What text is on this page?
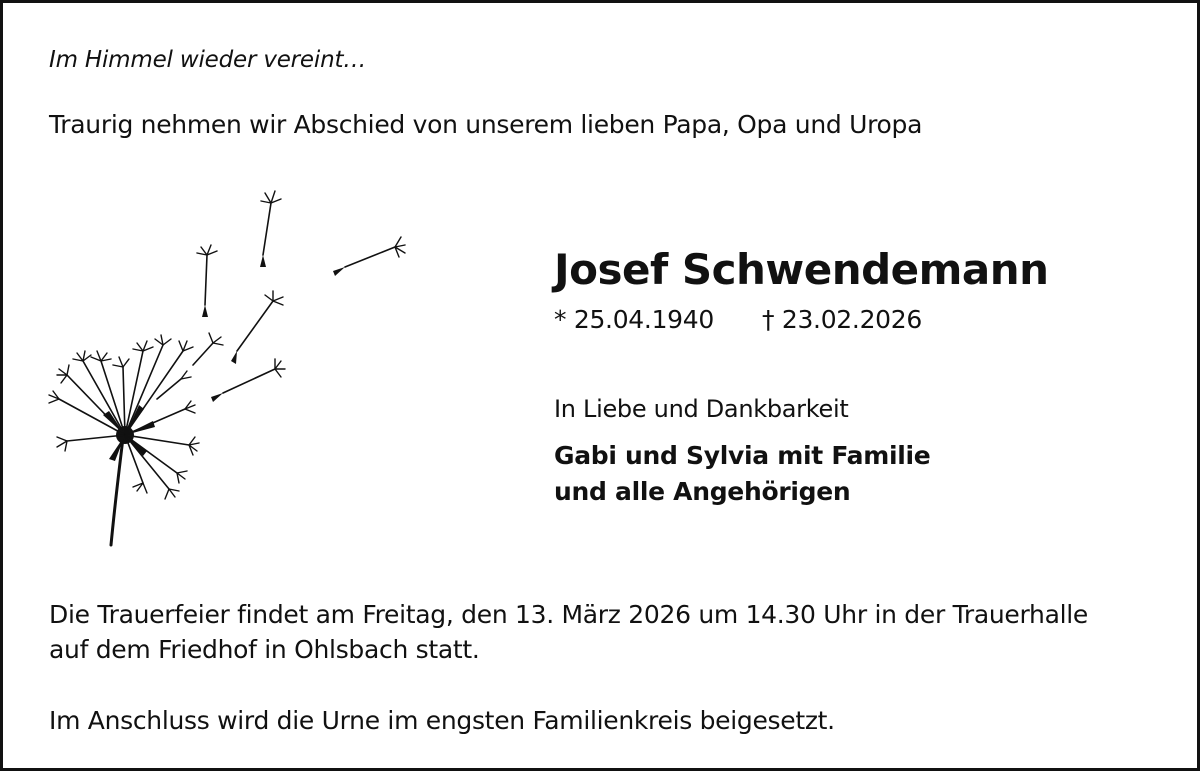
Im Himmel wieder vereint…
Traurig nehmen wir Abschied von unserem lieben Papa, Opa und Uropa
Josef Schwendemann
* 25.04.1940 † 23.02.2026
In Liebe und Dankbarkeit
Gabi und Sylvia mit Familie
und alle Angehörigen
Die Trauerfeier findet am Freitag, den 13. März 2026 um 14.30 Uhr in der Trauerhalle
auf dem Friedhof in Ohlsbach statt.
Im Anschluss wird die Urne im engsten Familienkreis beigesetzt.
